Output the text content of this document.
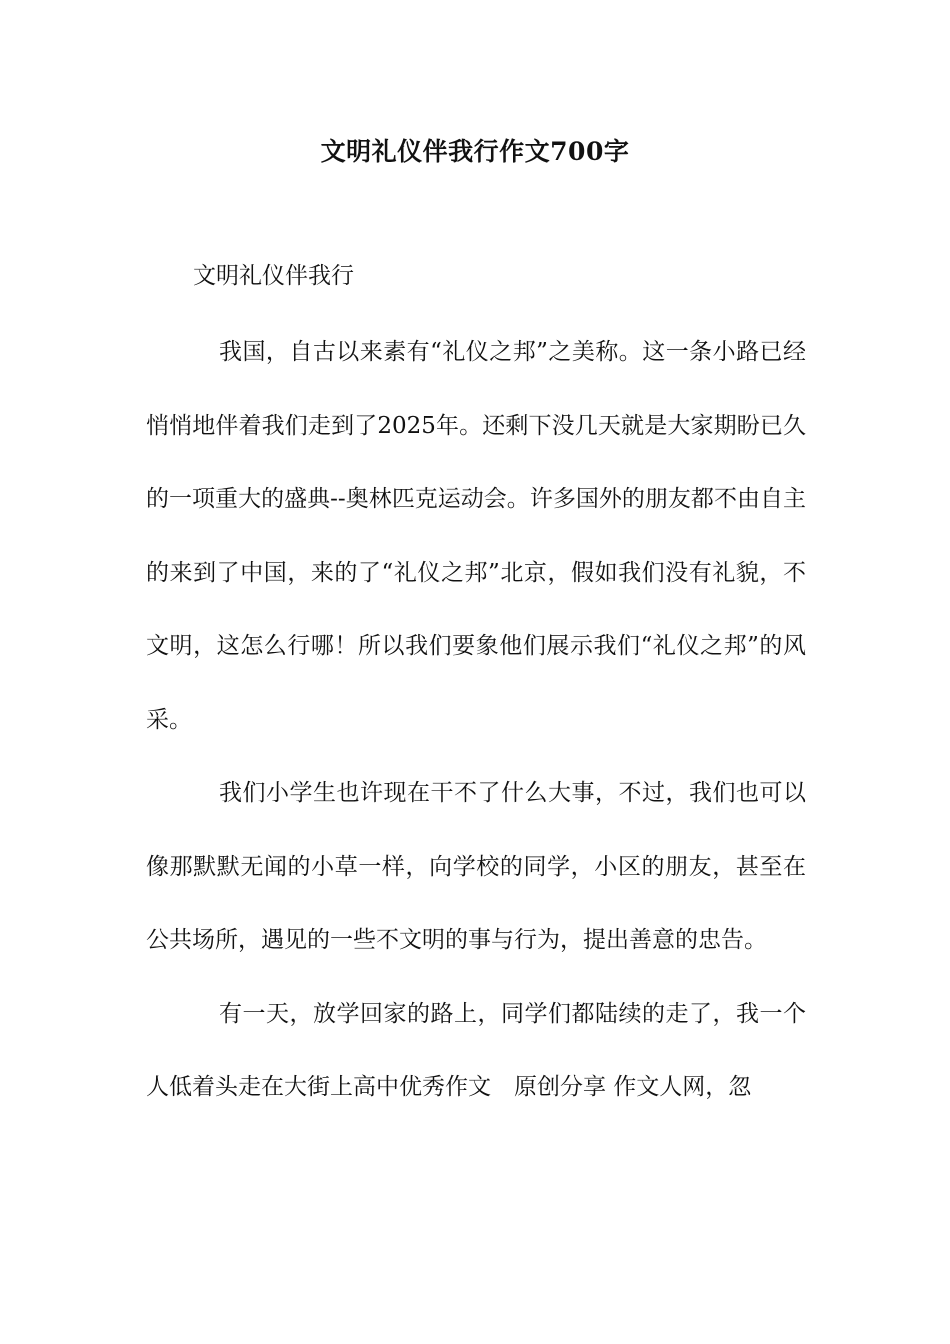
文明礼仪伴我行作文700字
文明礼仪伴我行

我国，自古以来素有“礼仪之邦”之美称。这一条小路已经悄悄地伴着我们走到了2025年。还剩下没几天就是大家期盼已久的一项重大的盛典--奥林匹克运动会。许多国外的朋友都不由自主的来到了中国，来的了“礼仪之邦”北京，假如我们没有礼貌，不文明，这怎么行哪！所以我们要象他们展示我们“礼仪之邦”的风采。

我们小学生也许现在干不了什么大事，不过，我们也可以像那默默无闻的小草一样，向学校的同学，小区的朋友，甚至在公共场所，遇见的一些不文明的事与行为，提出善意的忠告。

有一天，放学回家的路上，同学们都陆续的走了，我一个人低着头走在大街上高中优秀作文　原创分享 作文人网，忽
